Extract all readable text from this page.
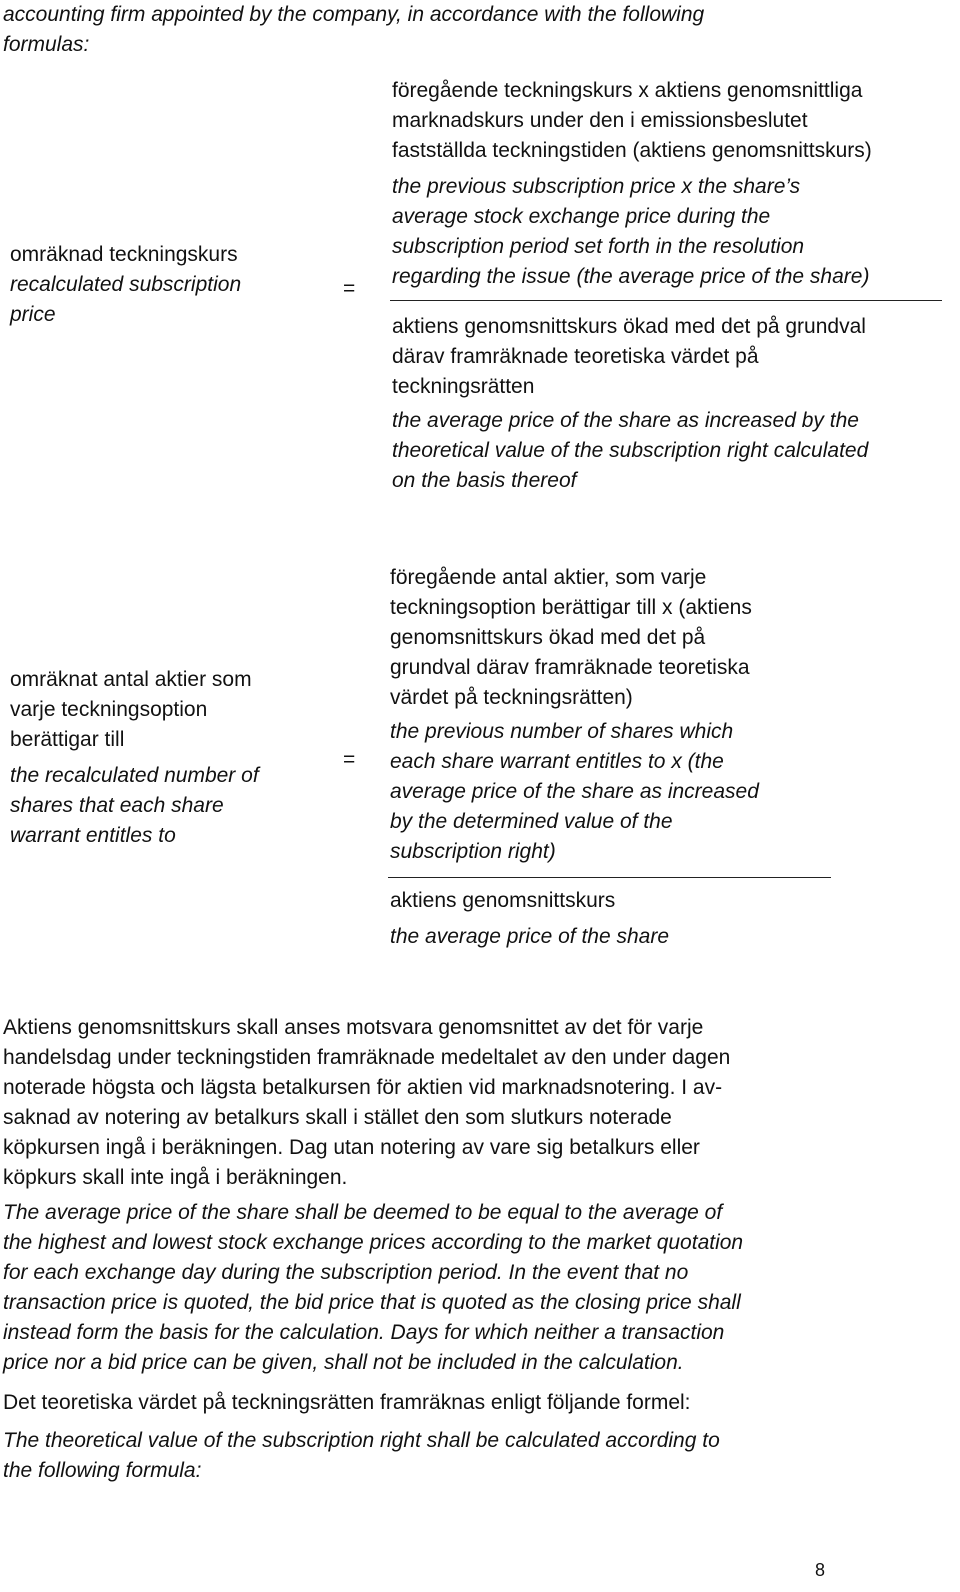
accounting firm appointed by the company, in accordance with the following
formulas:
omräknad teckningskurs
recalculated subscription
price
=
föregående teckningskurs x aktiens genomsnittliga
marknadskurs under den i emissionsbeslutet
fastställda teckningstiden (aktiens genomsnittskurs)
the previous subscription price x the share’s
average stock exchange price during the
subscription period set forth in the resolution
regarding the issue (the average price of the share)
aktiens genomsnittskurs ökad med det på grundval
därav framräknade teoretiska värdet på
teckningsrätten
the average price of the share as increased by the
theoretical value of the subscription right calculated
on the basis thereof
omräknat antal aktier som
varje teckningsoption
berättigar till
the recalculated number of
shares that each share
warrant entitles to
=
föregående antal aktier, som varje
teckningsoption berättigar till x (aktiens
genomsnittskurs ökad med det på
grundval därav framräknade teoretiska
värdet på teckningsrätten)
the previous number of shares which
each share warrant entitles to x (the
average price of the share as increased
by the determined value of the
subscription right)
aktiens genomsnittskurs
the average price of the share
Aktiens genomsnittskurs skall anses motsvara genomsnittet av det för varje
handelsdag under teckningstiden framräknade medeltalet av den under dagen
noterade högsta och lägsta betalkursen för aktien vid marknadsnotering. I av-
saknad av notering av betalkurs skall i stället den som slutkurs noterade
köpkursen ingå i beräkningen. Dag utan notering av vare sig betalkurs eller
köpkurs skall inte ingå i beräkningen.
The average price of the share shall be deemed to be equal to the average of
the highest and lowest stock exchange prices according to the market quotation
for each exchange day during the subscription period. In the event that no
transaction price is quoted, the bid price that is quoted as the closing price shall
instead form the basis for the calculation. Days for which neither a transaction
price nor a bid price can be given, shall not be included in the calculation.
Det teoretiska värdet på teckningsrätten framräknas enligt följande formel:
The theoretical value of the subscription right shall be calculated according to
the following formula:
8
